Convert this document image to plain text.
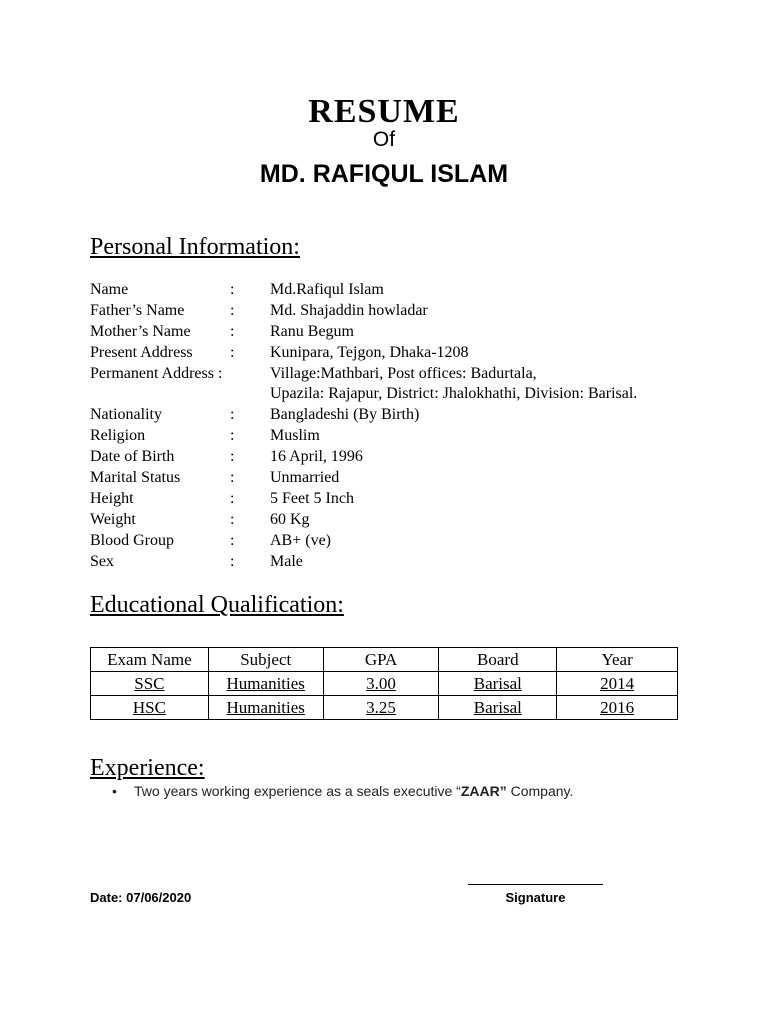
RESUME
Of
MD. RAFIQUL ISLAM
Personal Information:
Name	: Md.Rafiqul Islam
Father’s Name	: Md. Shajaddin howladar
Mother’s Name : Ranu Begum
Present Address : Kunipara, Tejgon, Dhaka-1208
Permanent Address :	Village:Mathbari, Post offices: Badurtala,
Upazila: Rajapur, District: Jhalokhathi, Division: Barisal.
Nationality	: Bangladeshi (By Birth)
Religion	: Muslim
Date of Birth	: 16 April, 1996
Marital Status	: Unmarried
Height	: 5 Feet 5 Inch
Weight	: 60 Kg
Blood Group	: AB+ (ve)
Sex	: Male
Educational Qualification:
Exam Name	Subject	GPA	Board	Year
SSC	Humanities	3.00	Barisal	2014
HSC	Humanities	3.25	Barisal	2016
Experience:
• Two years working experience as a seals executive “ZAAR” Company.
Date: 07/06/2020	Signature
